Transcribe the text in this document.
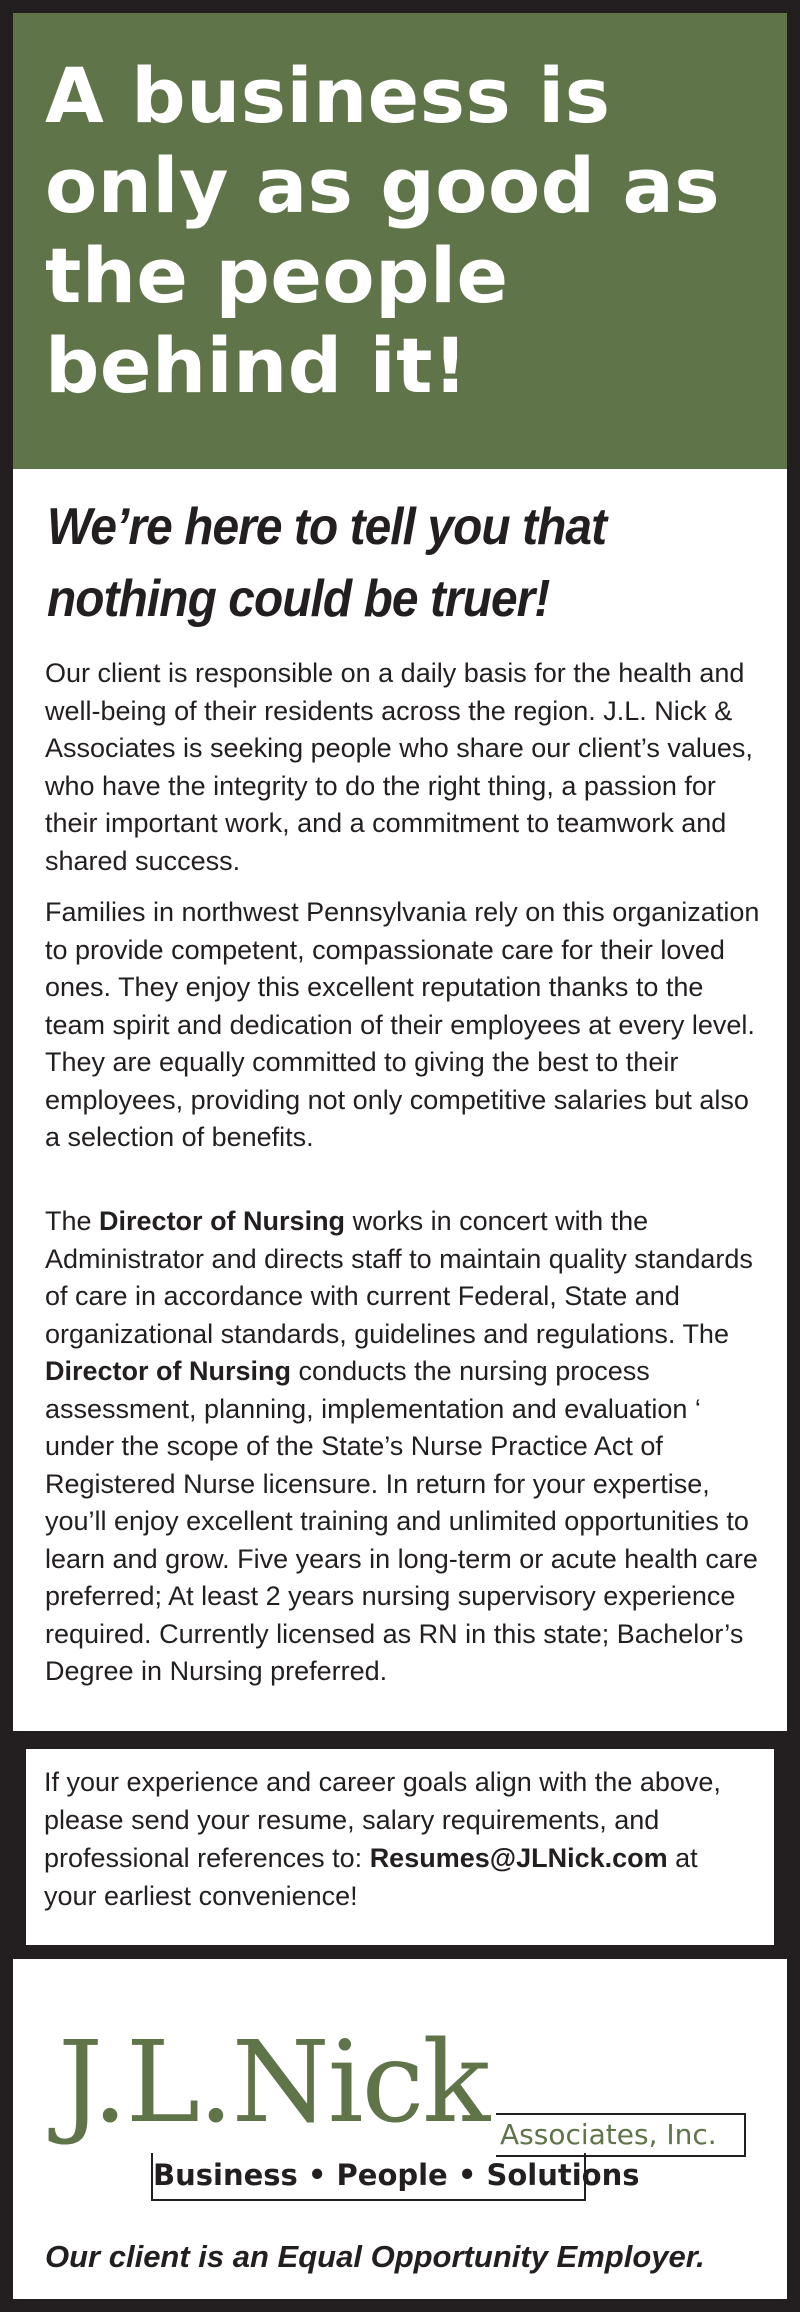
A business is only as good as the people behind it!
We’re here to tell you that nothing could be truer!

Our client is responsible on a daily basis for the health and well-being of their residents across the region. J.L. Nick & Associates is seeking people who share our client’s values, who have the integrity to do the right thing, a passion for their important work, and a commitment to teamwork and shared success.

Families in northwest Pennsylvania rely on this organization to provide competent, compassionate care for their loved ones. They enjoy this excellent reputation thanks to the team spirit and dedication of their employees at every level. They are equally committed to giving the best to their employees, providing not only competitive salaries but also a selection of benefits.

The Director of Nursing works in concert with the Administrator and directs staff to maintain quality standards of care in accordance with current Federal, State and organizational standards, guidelines and regulations. The Director of Nursing conducts the nursing process assessment, planning, implementation and evaluation ‘ under the scope of the State’s Nurse Practice Act of Registered Nurse licensure. In return for your expertise, you’ll enjoy excellent training and unlimited opportunities to learn and grow. Five years in long-term or acute health care preferred; At least 2 years nursing supervisory experience required. Currently licensed as RN in this state; Bachelor’s Degree in Nursing preferred.

If your experience and career goals align with the above, please send your resume, salary requirements, and professional references to: Resumes@JLNick.com at your earliest convenience!
J.L.Nick Associates, Inc.
Business • People • Solutions
Our client is an Equal Opportunity Employer.
